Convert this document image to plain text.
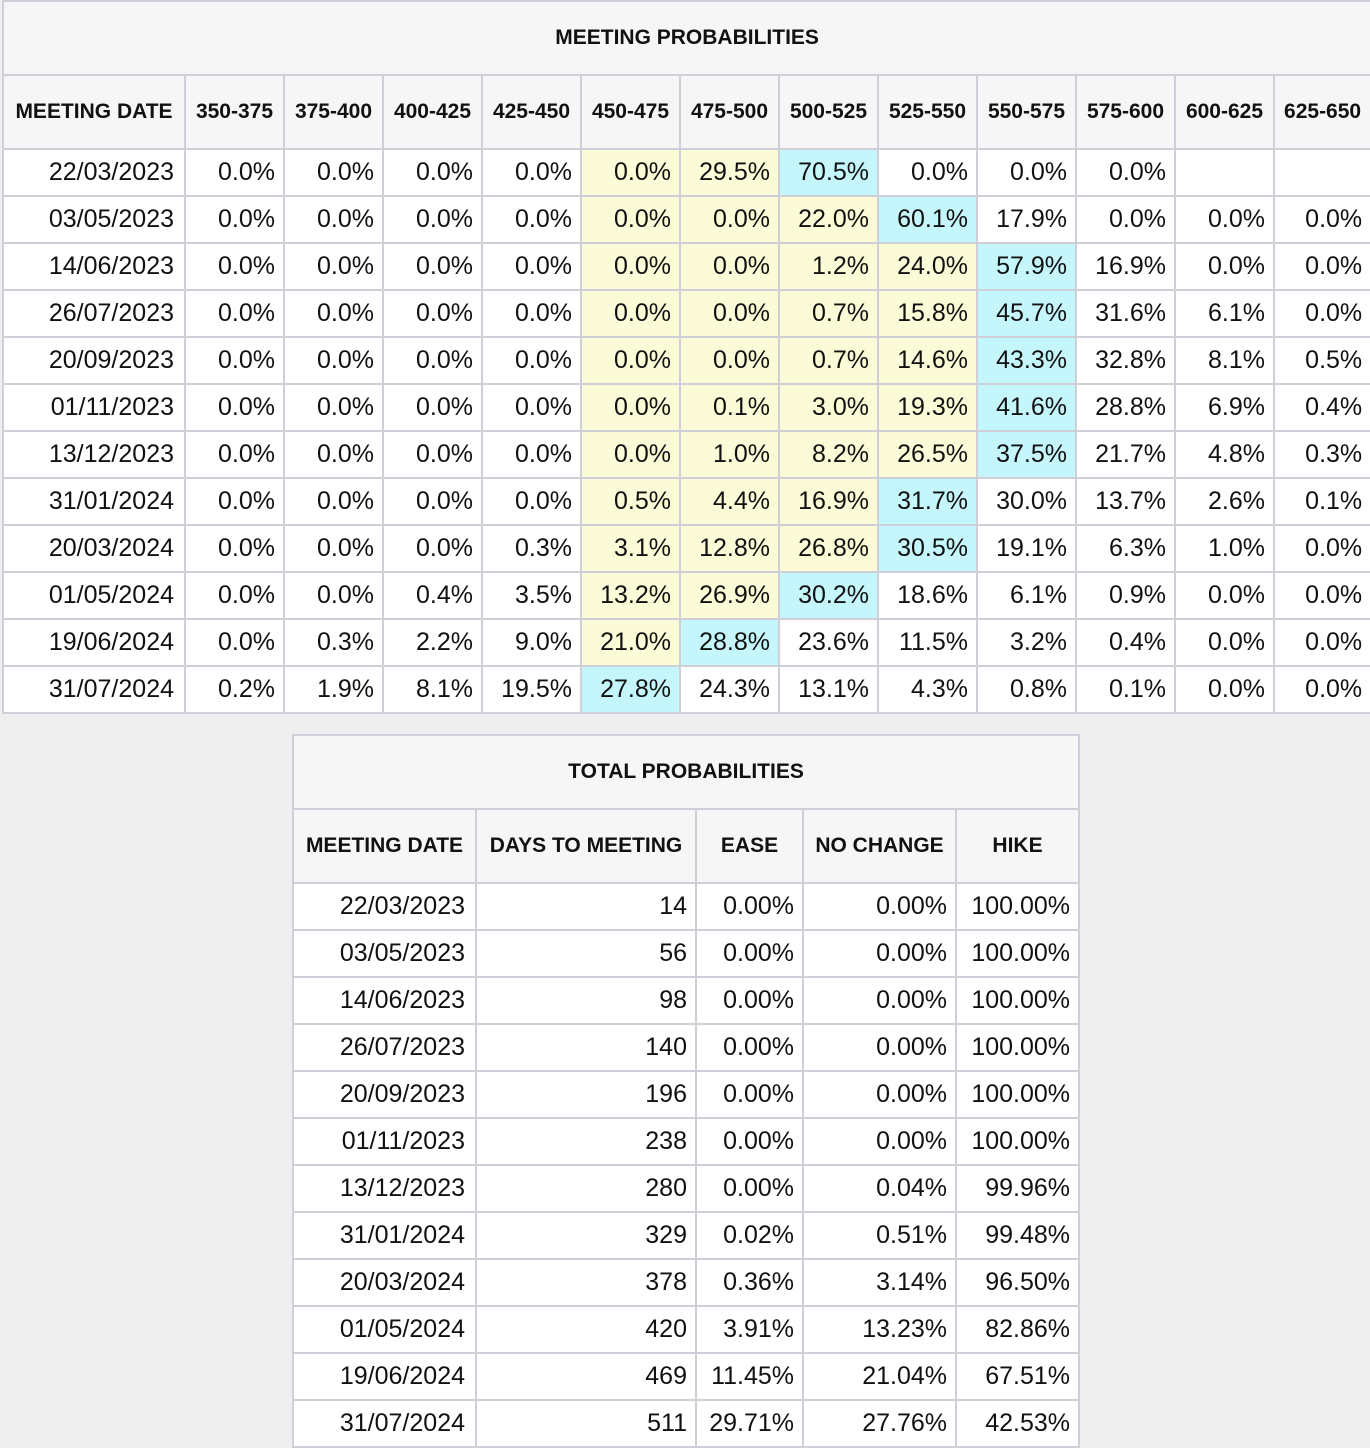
MEETING PROBABILITIES												
MEETING DATE	350-375	375-400	400-425	425-450	450-475	475-500	500-525	525-550	550-575	575-600	600-625	625-650
22/03/2023	0.0%	0.0%	0.0%	0.0%	0.0%	29.5%	70.5%	0.0%	0.0%	0.0%		
03/05/2023	0.0%	0.0%	0.0%	0.0%	0.0%	0.0%	22.0%	60.1%	17.9%	0.0%	0.0%	0.0%
14/06/2023	0.0%	0.0%	0.0%	0.0%	0.0%	0.0%	1.2%	24.0%	57.9%	16.9%	0.0%	0.0%
26/07/2023	0.0%	0.0%	0.0%	0.0%	0.0%	0.0%	0.7%	15.8%	45.7%	31.6%	6.1%	0.0%
20/09/2023	0.0%	0.0%	0.0%	0.0%	0.0%	0.0%	0.7%	14.6%	43.3%	32.8%	8.1%	0.5%
01/11/2023	0.0%	0.0%	0.0%	0.0%	0.0%	0.1%	3.0%	19.3%	41.6%	28.8%	6.9%	0.4%
13/12/2023	0.0%	0.0%	0.0%	0.0%	0.0%	1.0%	8.2%	26.5%	37.5%	21.7%	4.8%	0.3%
31/01/2024	0.0%	0.0%	0.0%	0.0%	0.5%	4.4%	16.9%	31.7%	30.0%	13.7%	2.6%	0.1%
20/03/2024	0.0%	0.0%	0.0%	0.3%	3.1%	12.8%	26.8%	30.5%	19.1%	6.3%	1.0%	0.0%
01/05/2024	0.0%	0.0%	0.4%	3.5%	13.2%	26.9%	30.2%	18.6%	6.1%	0.9%	0.0%	0.0%
19/06/2024	0.0%	0.3%	2.2%	9.0%	21.0%	28.8%	23.6%	11.5%	3.2%	0.4%	0.0%	0.0%
31/07/2024	0.2%	1.9%	8.1%	19.5%	27.8%	24.3%	13.1%	4.3%	0.8%	0.1%	0.0%	0.0%
TOTAL PROBABILITIES				
MEETING DATE	DAYS TO MEETING	EASE	NO CHANGE	HIKE
22/03/2023	14	0.00%	0.00%	100.00%
03/05/2023	56	0.00%	0.00%	100.00%
14/06/2023	98	0.00%	0.00%	100.00%
26/07/2023	140	0.00%	0.00%	100.00%
20/09/2023	196	0.00%	0.00%	100.00%
01/11/2023	238	0.00%	0.00%	100.00%
13/12/2023	280	0.00%	0.04%	99.96%
31/01/2024	329	0.02%	0.51%	99.48%
20/03/2024	378	0.36%	3.14%	96.50%
01/05/2024	420	3.91%	13.23%	82.86%
19/06/2024	469	11.45%	21.04%	67.51%
31/07/2024	511	29.71%	27.76%	42.53%
